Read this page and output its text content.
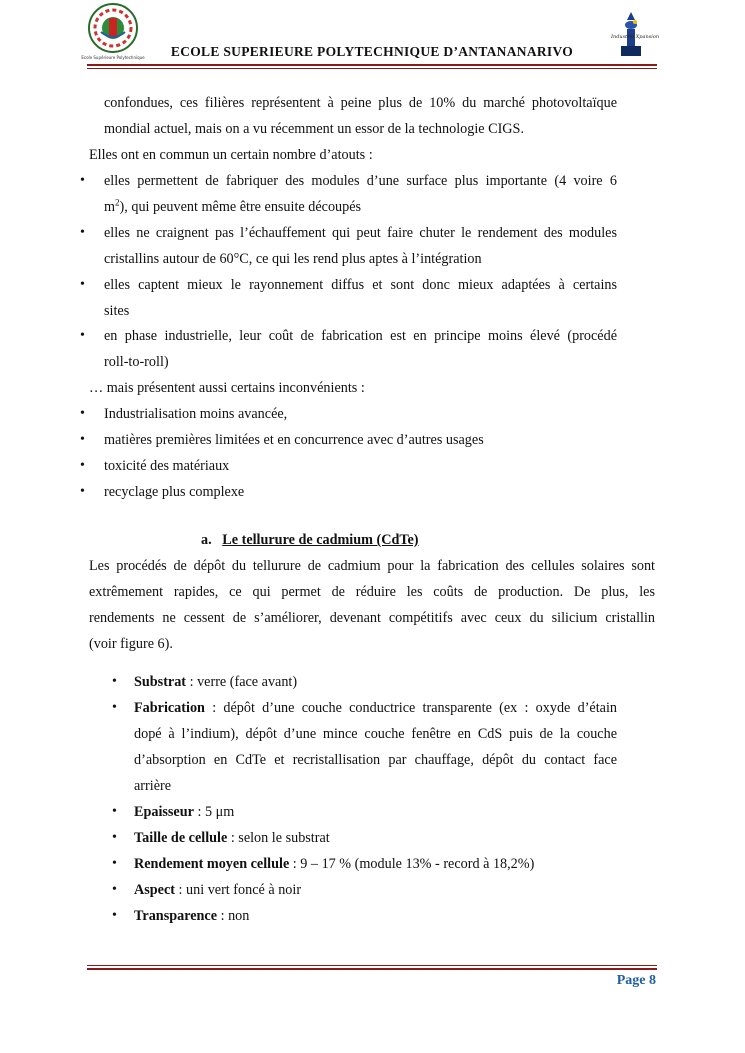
Ecole Supérieure Polytechnique
Industrie Xpansion
ECOLE SUPERIEURE POLYTECHNIQUE D’ANTANANARIVO
confondues, ces filières représentent à peine plus de 10% du marché photovoltaïque
mondial actuel, mais on a vu récemment un essor de la technologie CIGS.
Elles ont en commun un certain nombre d’atouts :
• elles permettent de fabriquer des modules d’une surface plus importante (4 voire 6
$m^2$), qui peuvent même être ensuite découpés
• elles ne craignent pas l’échauffement qui peut faire chuter le rendement des modules
cristallins autour de 60°C, ce qui les rend plus aptes à l’intégration
• elles captent mieux le rayonnement diffus et sont donc mieux adaptées à certains
sites
• en phase industrielle, leur coût de fabrication est en principe moins élevé (procédé
roll-to-roll)
… mais présentent aussi certains inconvénients :
• Industrialisation moins avancée,
• matières premières limitées et en concurrence avec d’autres usages
• toxicité des matériaux
• recyclage plus complexe
a. Le tellurure de cadmium (CdTe)
Les procédés de dépôt du tellurure de cadmium pour la fabrication des cellules solaires sont
extrêmement rapides, ce qui permet de réduire les coûts de production. De plus, les
rendements ne cessent de s’améliorer, devenant compétitifs avec ceux du silicium cristallin
(voir figure 6).
• Substrat : verre (face avant)
• Fabrication : dépôt d’une couche conductrice transparente (ex : oxyde d’étain
dopé à l’indium), dépôt d’une mince couche fenêtre en CdS puis de la couche
d’absorption en CdTe et recristallisation par chauffage, dépôt du contact face
arrière
• Epaisseur : 5 μm
• Taille de cellule : selon le substrat
• Rendement moyen cellule : 9 – 17 % (module 13% - record à 18,2%)
• Aspect : uni vert foncé à noir
• Transparence : non
Page 8
